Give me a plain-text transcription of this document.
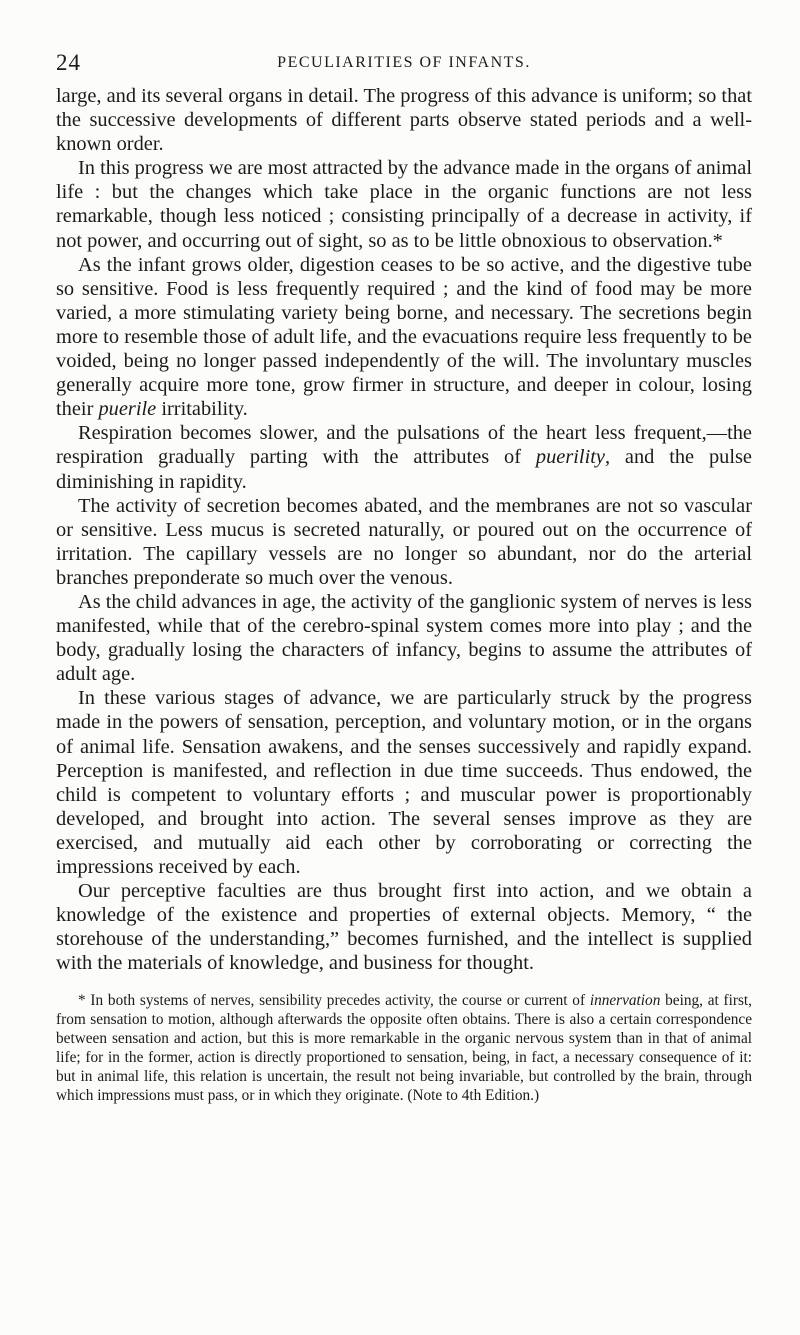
24	PECULIARITIES OF INFANTS.

large, and its several organs in detail. The progress of this advance is uniform; so that the successive developments of different parts observe stated periods and a well-known order.

In this progress we are most attracted by the advance made in the organs of animal life : but the changes which take place in the organic functions are not less remarkable, though less noticed ; consisting principally of a decrease in activity, if not power, and occurring out of sight, so as to be little obnoxious to observation.*

As the infant grows older, digestion ceases to be so active, and the digestive tube so sensitive. Food is less frequently required ; and the kind of food may be more varied, a more stimulating variety being borne, and necessary. The secretions begin more to resemble those of adult life, and the evacuations require less frequently to be voided, being no longer passed independently of the will. The involuntary muscles generally acquire more tone, grow firmer in structure, and deeper in colour, losing their puerile irritability.

Respiration becomes slower, and the pulsations of the heart less frequent,—the respiration gradually parting with the attributes of puerility, and the pulse diminishing in rapidity.

The activity of secretion becomes abated, and the membranes are not so vascular or sensitive. Less mucus is secreted naturally, or poured out on the occurrence of irritation. The capillary vessels are no longer so abundant, nor do the arterial branches preponderate so much over the venous.

As the child advances in age, the activity of the ganglionic system of nerves is less manifested, while that of the cerebro-spinal system comes more into play ; and the body, gradually losing the characters of infancy, begins to assume the attributes of adult age.

In these various stages of advance, we are particularly struck by the progress made in the powers of sensation, perception, and voluntary motion, or in the organs of animal life. Sensation awakens, and the senses successively and rapidly expand. Perception is manifested, and reflection in due time succeeds. Thus endowed, the child is competent to voluntary efforts ; and muscular power is proportionably developed, and brought into action. The several senses improve as they are exercised, and mutually aid each other by corroborating or correcting the impressions received by each.

Our perceptive faculties are thus brought first into action, and we obtain a knowledge of the existence and properties of external objects. Memory, “ the storehouse of the understanding,” becomes furnished, and the intellect is supplied with the materials of knowledge, and business for thought.

* In both systems of nerves, sensibility precedes activity, the course or current of innervation being, at first, from sensation to motion, although afterwards the opposite often obtains. There is also a certain correspondence between sensation and action, but this is more remarkable in the organic nervous system than in that of animal life; for in the former, action is directly proportioned to sensation, being, in fact, a necessary consequence of it: but in animal life, this relation is uncertain, the result not being invariable, but controlled by the brain, through which impressions must pass, or in which they originate. (Note to 4th Edition.)
